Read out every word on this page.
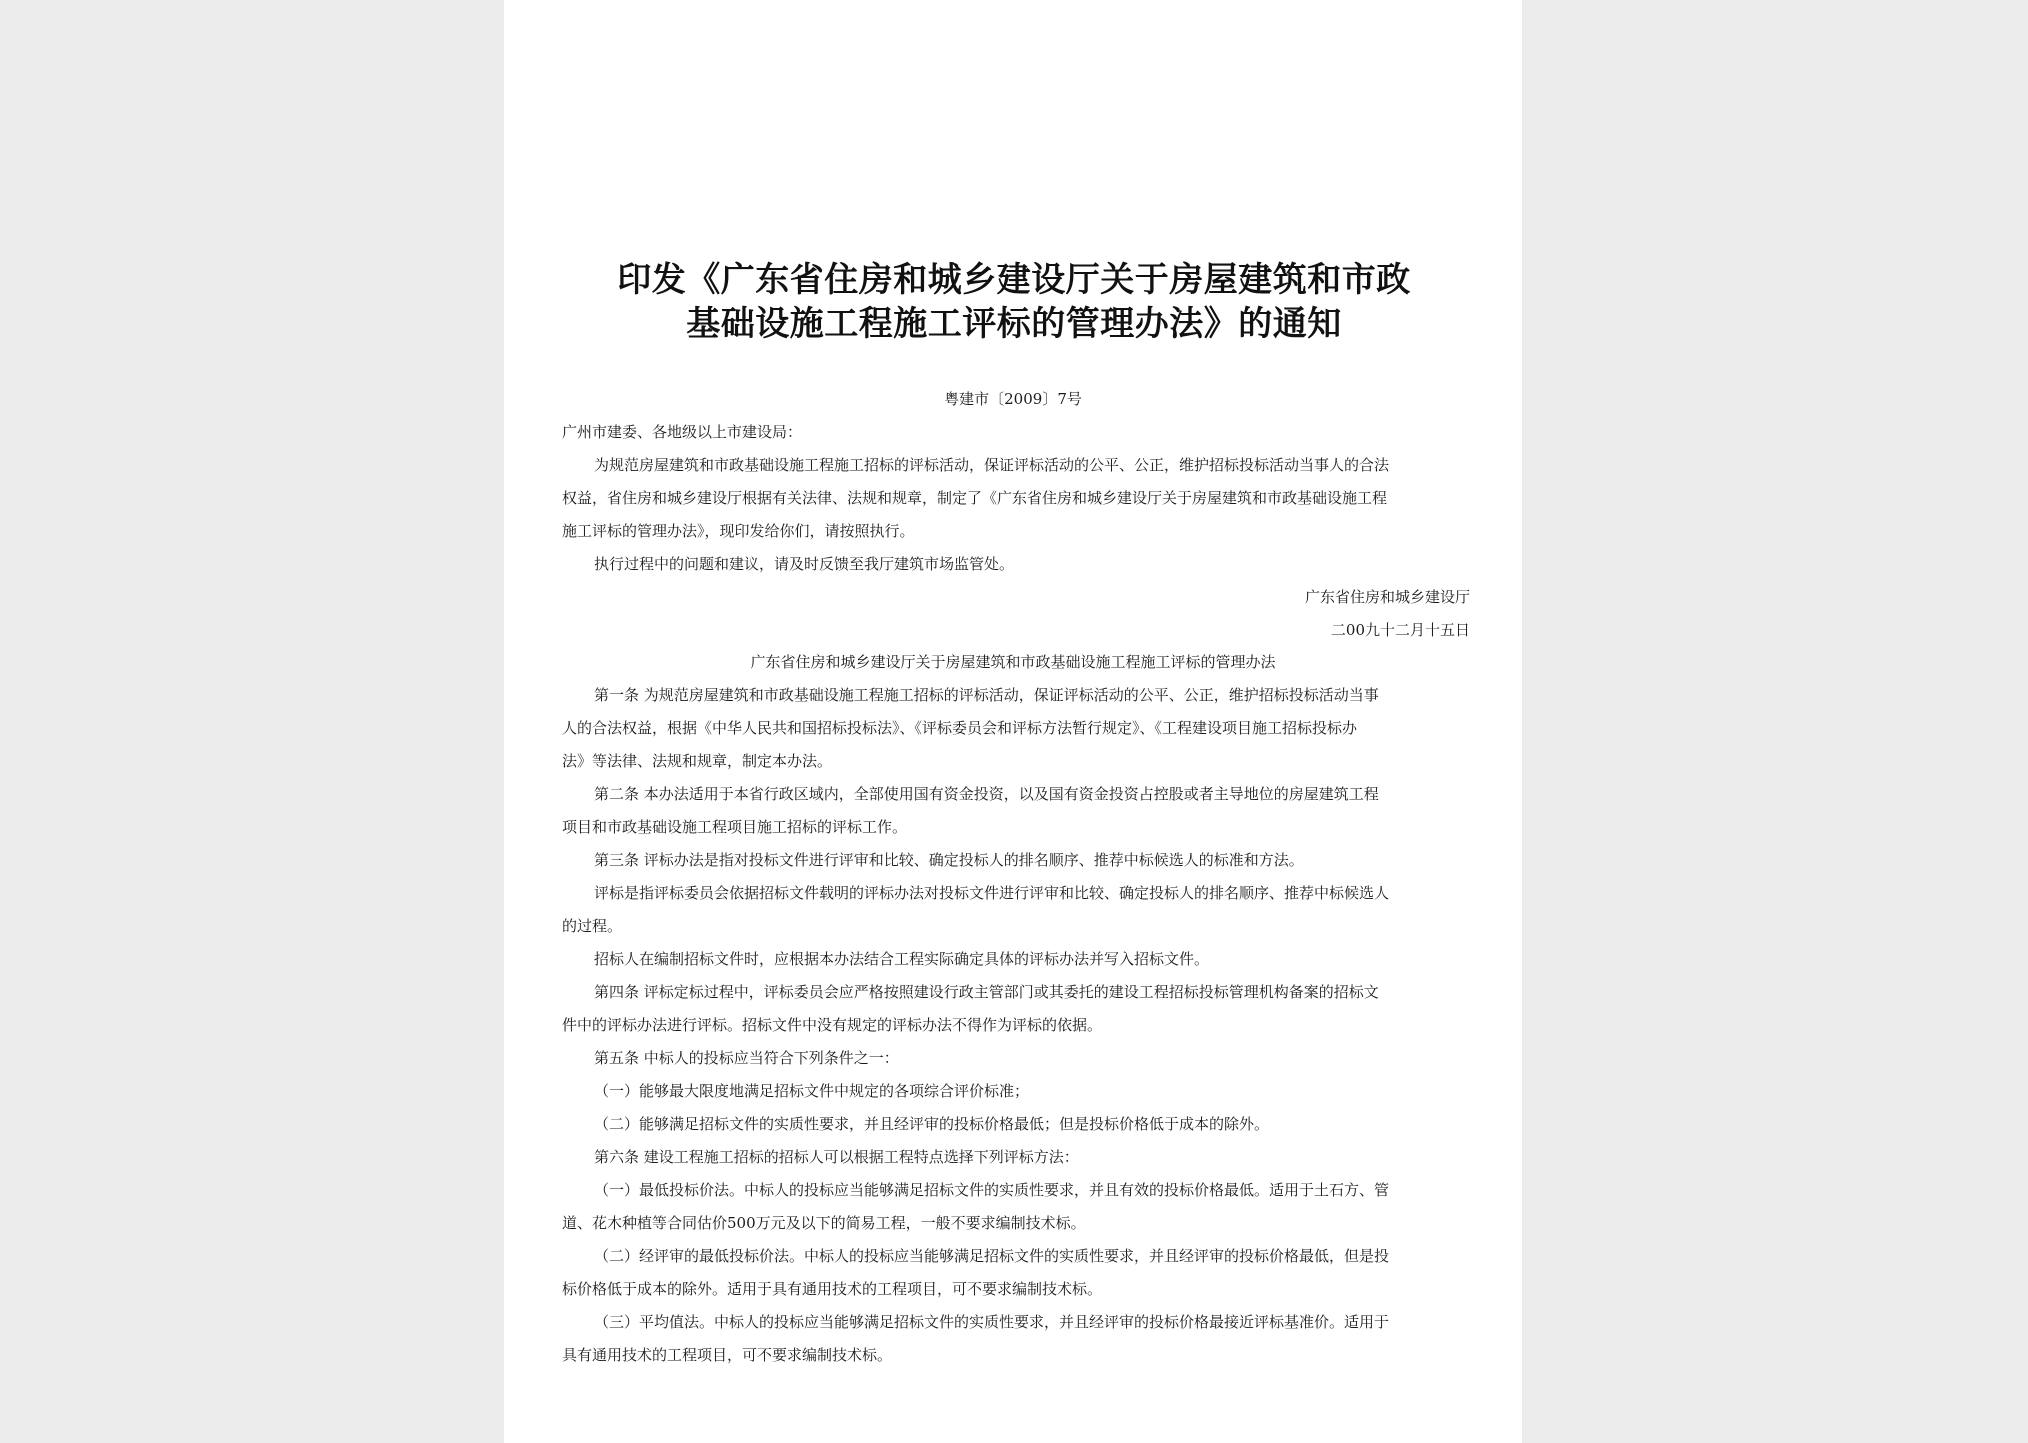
印发《广东省住房和城乡建设厅关于房屋建筑和市政
基础设施工程施工评标的管理办法》的通知
粤建市〔2009〕7号
广州市建委、各地级以上市建设局：
为规范房屋建筑和市政基础设施工程施工招标的评标活动，保证评标活动的公平、公正，维护招标投标活动当事人的合法
权益，省住房和城乡建设厅根据有关法律、法规和规章，制定了《广东省住房和城乡建设厅关于房屋建筑和市政基础设施工程
施工评标的管理办法》，现印发给你们，请按照执行。
执行过程中的问题和建议，请及时反馈至我厅建筑市场监管处。
广东省住房和城乡建设厅
二00九十二月十五日
广东省住房和城乡建设厅关于房屋建筑和市政基础设施工程施工评标的管理办法
第一条 为规范房屋建筑和市政基础设施工程施工招标的评标活动，保证评标活动的公平、公正，维护招标投标活动当事
人的合法权益，根据《中华人民共和国招标投标法》、《评标委员会和评标方法暂行规定》、《工程建设项目施工招标投标办
法》等法律、法规和规章，制定本办法。
第二条 本办法适用于本省行政区域内，全部使用国有资金投资，以及国有资金投资占控股或者主导地位的房屋建筑工程
项目和市政基础设施工程项目施工招标的评标工作。
第三条 评标办法是指对投标文件进行评审和比较、确定投标人的排名顺序、推荐中标候选人的标准和方法。
评标是指评标委员会依据招标文件载明的评标办法对投标文件进行评审和比较、确定投标人的排名顺序、推荐中标候选人
的过程。
招标人在编制招标文件时，应根据本办法结合工程实际确定具体的评标办法并写入招标文件。
第四条 评标定标过程中，评标委员会应严格按照建设行政主管部门或其委托的建设工程招标投标管理机构备案的招标文
件中的评标办法进行评标。招标文件中没有规定的评标办法不得作为评标的依据。
第五条 中标人的投标应当符合下列条件之一：
（一）能够最大限度地满足招标文件中规定的各项综合评价标准；
（二）能够满足招标文件的实质性要求，并且经评审的投标价格最低；但是投标价格低于成本的除外。
第六条 建设工程施工招标的招标人可以根据工程特点选择下列评标方法：
（一）最低投标价法。中标人的投标应当能够满足招标文件的实质性要求，并且有效的投标价格最低。适用于土石方、管
道、花木种植等合同估价500万元及以下的简易工程，一般不要求编制技术标。
（二）经评审的最低投标价法。中标人的投标应当能够满足招标文件的实质性要求，并且经评审的投标价格最低，但是投
标价格低于成本的除外。适用于具有通用技术的工程项目，可不要求编制技术标。
（三）平均值法。中标人的投标应当能够满足招标文件的实质性要求，并且经评审的投标价格最接近评标基准价。适用于
具有通用技术的工程项目，可不要求编制技术标。
